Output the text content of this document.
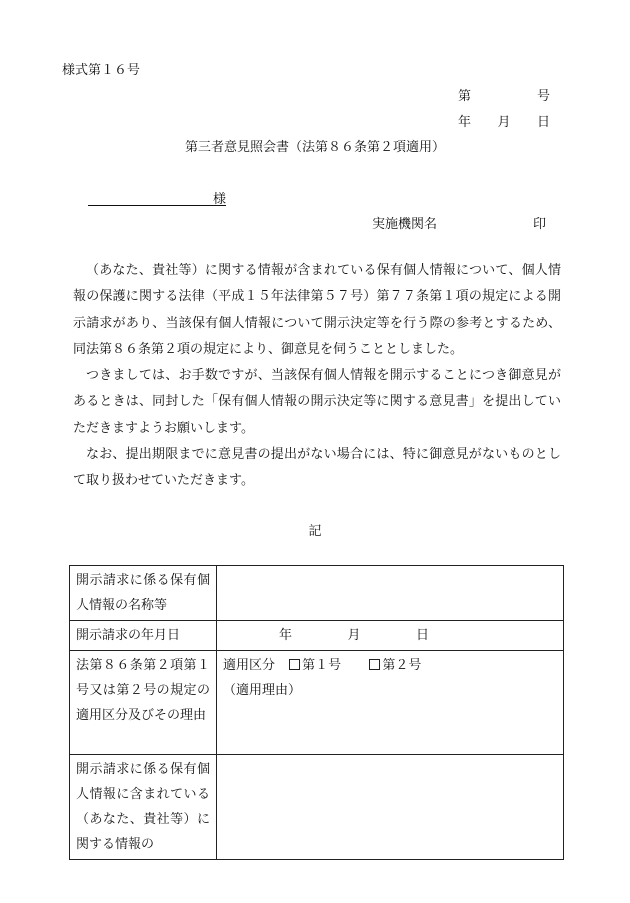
様式第１６号
第	号
年 月 日
第三者意見照会書（法第８６条第２項適用）
様
実施機関名	印

（あなた、貴社等）に関する情報が含まれている保有個人情報について、個人情報の保護に関する法律（平成１５年法律第５７号）第７７条第１項の規定による開示請求があり、当該保有個人情報について開示決定等を行う際の参考とするため、同法第８６条第２項の規定により、御意見を伺うこととしました。

つきましては、お手数ですが、当該保有個人情報を開示することにつき御意見があるときは、同封した「保有個人情報の開示決定等に関する意見書」を提出していただきますようお願いします。

なお、提出期限までに意見書の提出がない場合には、特に御意見がないものとして取り扱わせていただきます。

記
開示請求に係る保有個人情報の名称等	
開示請求の年月日	年 月 日

法第８６条第２項第１号又は第２号の規定の適用区分及びその理由	適用区分 第１号 第２号
（適用理由）

開示請求に係る保有個人情報に含まれている（あなた、貴社等）に関する情報の	
